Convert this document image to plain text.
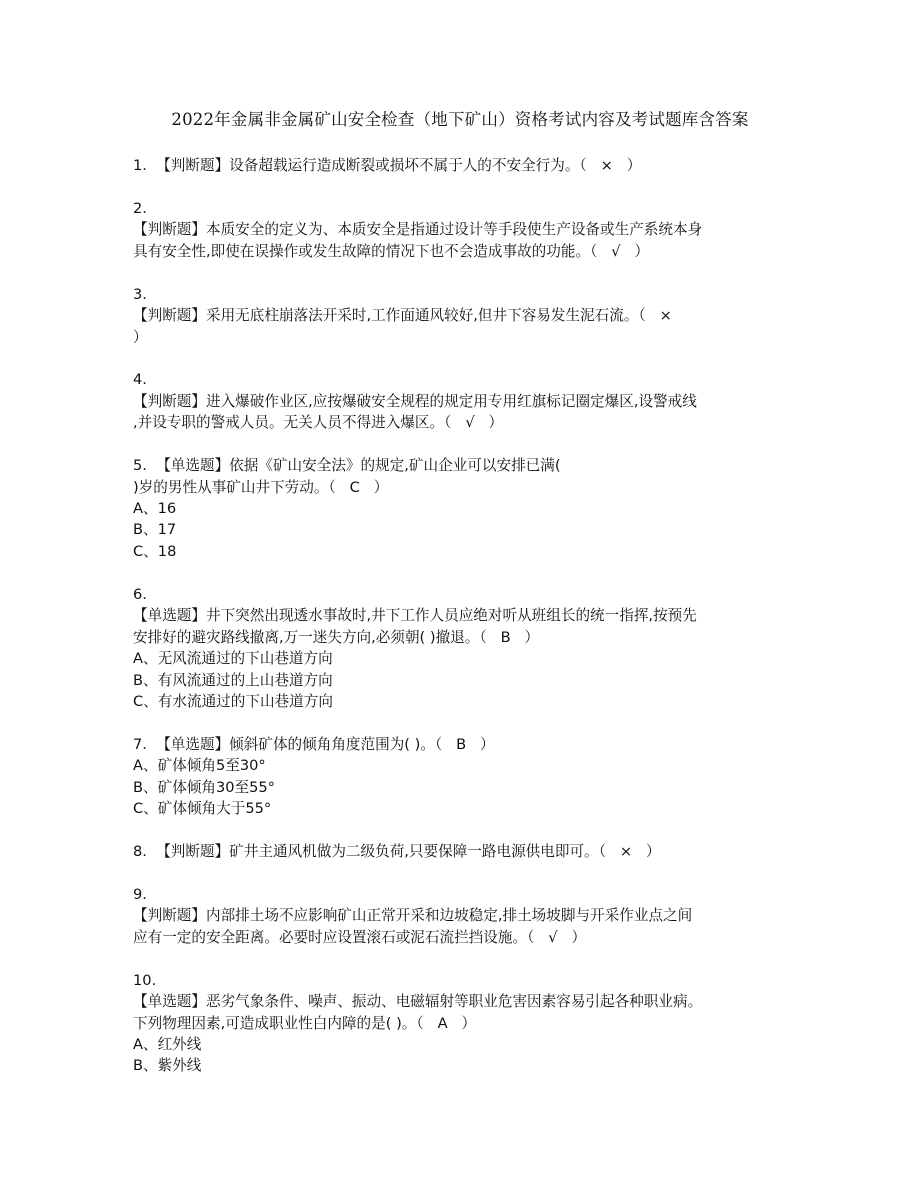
2022年金属非金属矿山安全检查（地下矿山）资格考试内容及考试题库含答案
1.  【判断题】设备超载运行造成断裂或损坏不属于人的不安全行为。（   ×   ）
2.
【判断题】本质安全的定义为、本质安全是指通过设计等手段使生产设备或生产系统本身
具有安全性,即使在误操作或发生故障的情况下也不会造成事故的功能。（   √   ）
3.
【判断题】采用无底柱崩落法开采时,工作面通风较好,但井下容易发生泥石流。（   ×
）
4.
【判断题】进入爆破作业区,应按爆破安全规程的规定用专用红旗标记圈定爆区,设警戒线
,并设专职的警戒人员。无关人员不得进入爆区。（   √   ）
5.  【单选题】依据《矿山安全法》的规定,矿山企业可以安排已满(
)岁的男性从事矿山井下劳动。（   C   ）
A、16
B、17
C、18
6.
【单选题】井下突然出现透水事故时,井下工作人员应绝对听从班组长的统一指挥,按预先
安排好的避灾路线撤离,万一迷失方向,必须朝( )撤退。（   B   ）
A、无风流通过的下山巷道方向
B、有风流通过的上山巷道方向
C、有水流通过的下山巷道方向
7.  【单选题】倾斜矿体的倾角角度范围为( )。（   B   ）
A、矿体倾角5至30°
B、矿体倾角30至55°
C、矿体倾角大于55°
8.  【判断题】矿井主通风机做为二级负荷,只要保障一路电源供电即可。（   ×   ）
9.
【判断题】内部排土场不应影响矿山正常开采和边坡稳定,排土场坡脚与开采作业点之间
应有一定的安全距离。必要时应设置滚石或泥石流拦挡设施。（   √   ）
10.
【单选题】恶劣气象条件、噪声、振动、电磁辐射等职业危害因素容易引起各种职业病。
下列物理因素,可造成职业性白内障的是( )。（   A   ）
A、红外线
B、紫外线
